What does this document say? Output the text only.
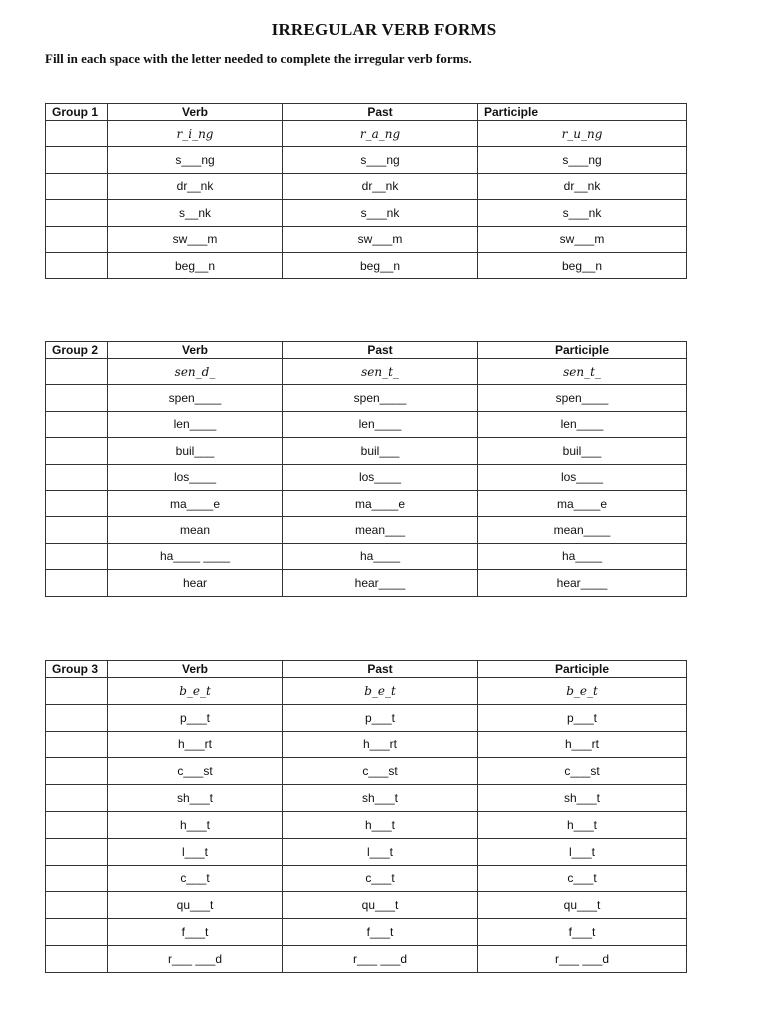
IRREGULAR VERB FORMS
Fill in each space with the letter needed to complete the irregular verb forms.
Group 1	Verb	Past	Participle
	r_i_ng	r_a_ng	r_u_ng
	s___ng	s___ng	s___ng
	dr__nk	dr__nk	dr__nk
	s__nk	s___nk	s___nk
	sw___m	sw___m	sw___m
	beg__n	beg__n	beg__n
Group 2	Verb	Past	Participle
	sen_d_	sen_t_	sen_t_
	spen____	spen____	spen____
	len____	len____	len____
	buil___	buil___	buil___
	los____	los____	los____
	ma____e	ma____e	ma____e
	mean	mean___	mean____
	ha____ ____	ha____	ha____
	hear	hear____	hear____
Group 3	Verb	Past	Participle
	b_e_t	b_e_t	b_e_t
	p___t	p___t	p___t
	h___rt	h___rt	h___rt
	c___st	c___st	c___st
	sh___t	sh___t	sh___t
	h___t	h___t	h___t
	l___t	l___t	l___t
	c___t	c___t	c___t
	qu___t	qu___t	qu___t
	f___t	f___t	f___t
	r___ ___d	r___ ___d	r___ ___d
